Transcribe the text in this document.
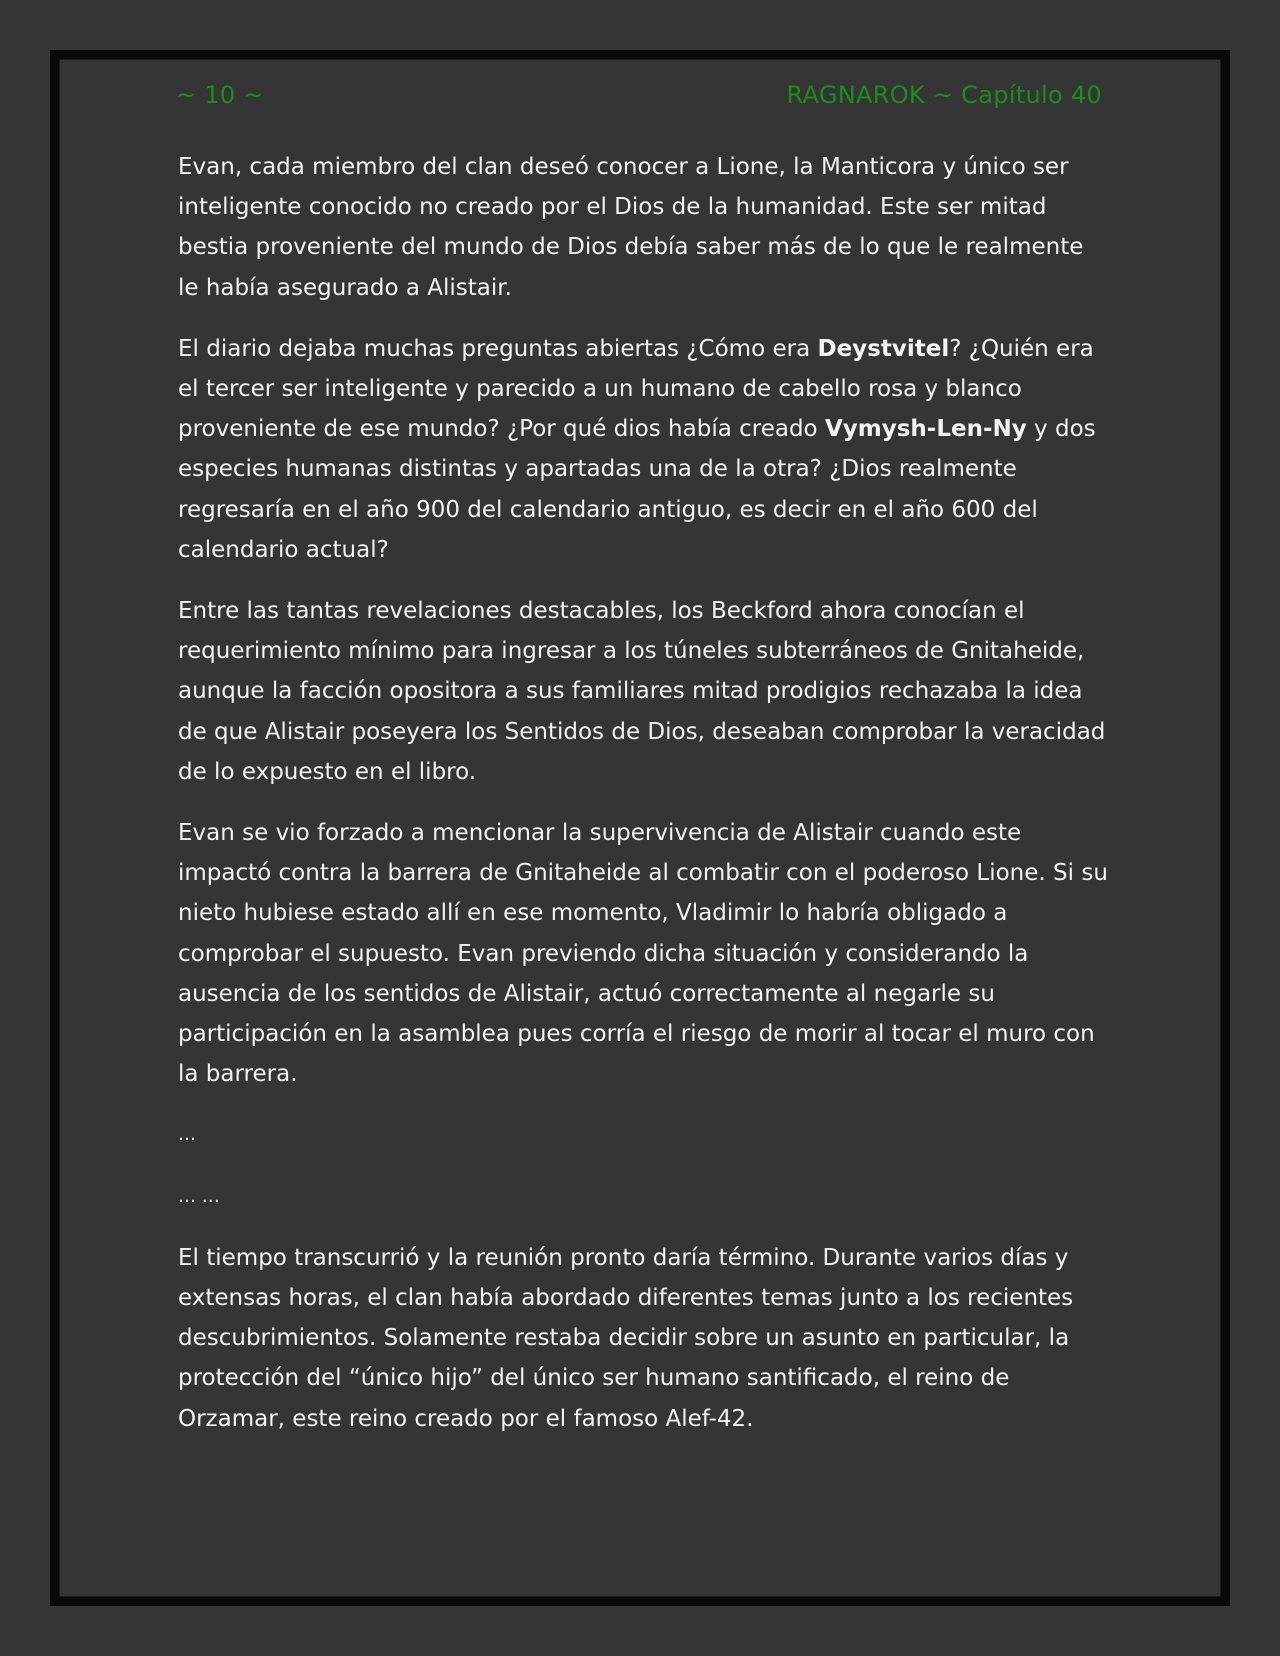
~ 10 ~	RAGNAROK ~ Capítulo 40

Evan, cada miembro del clan deseó conocer a Lione, la Manticora y único ser inteligente conocido no creado por el Dios de la humanidad. Este ser mitad bestia proveniente del mundo de Dios debía saber más de lo que le realmente le había asegurado a Alistair.

El diario dejaba muchas preguntas abiertas ¿Cómo era Deystvitel? ¿Quién era el tercer ser inteligente y parecido a un humano de cabello rosa y blanco proveniente de ese mundo? ¿Por qué dios había creado Vymysh-Len-Ny y dos especies humanas distintas y apartadas una de la otra? ¿Dios realmente regresaría en el año 900 del calendario antiguo, es decir en el año 600 del calendario actual?

Entre las tantas revelaciones destacables, los Beckford ahora conocían el requerimiento mínimo para ingresar a los túneles subterráneos de Gnitaheide, aunque la facción opositora a sus familiares mitad prodigios rechazaba la idea de que Alistair poseyera los Sentidos de Dios, deseaban comprobar la veracidad de lo expuesto en el libro.

Evan se vio forzado a mencionar la supervivencia de Alistair cuando este impactó contra la barrera de Gnitaheide al combatir con el poderoso Lione. Si su nieto hubiese estado allí en ese momento, Vladimir lo habría obligado a comprobar el supuesto. Evan previendo dicha situación y considerando la ausencia de los sentidos de Alistair, actuó correctamente al negarle su participación en la asamblea pues corría el riesgo de morir al tocar el muro con la barrera.

…

… …

El tiempo transcurrió y la reunión pronto daría término. Durante varios días y extensas horas, el clan había abordado diferentes temas junto a los recientes descubrimientos. Solamente restaba decidir sobre un asunto en particular, la protección del “único hijo” del único ser humano santificado, el reino de Orzamar, este reino creado por el famoso Alef-42.
